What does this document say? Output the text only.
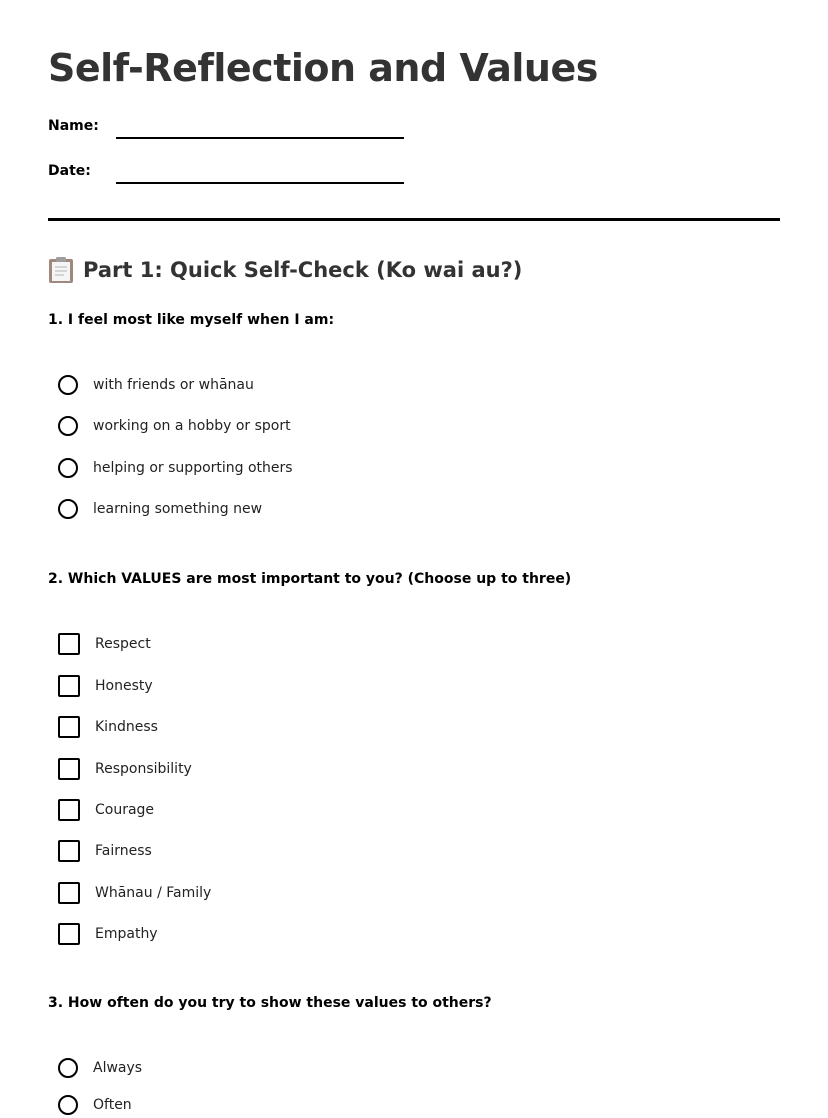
Self-Reflection and Values
Name:
Date:
Part 1: Quick Self-Check (Ko wai au?)

1. I feel most like myself when I am:

with friends or whānau
working on a hobby or sport
helping or supporting others
learning something new

2. Which VALUES are most important to you? (Choose up to three)

Respect
Honesty
Kindness
Responsibility
Courage
Fairness
Whānau / Family
Empathy

3. How often do you try to show these values to others?

Always
Often
